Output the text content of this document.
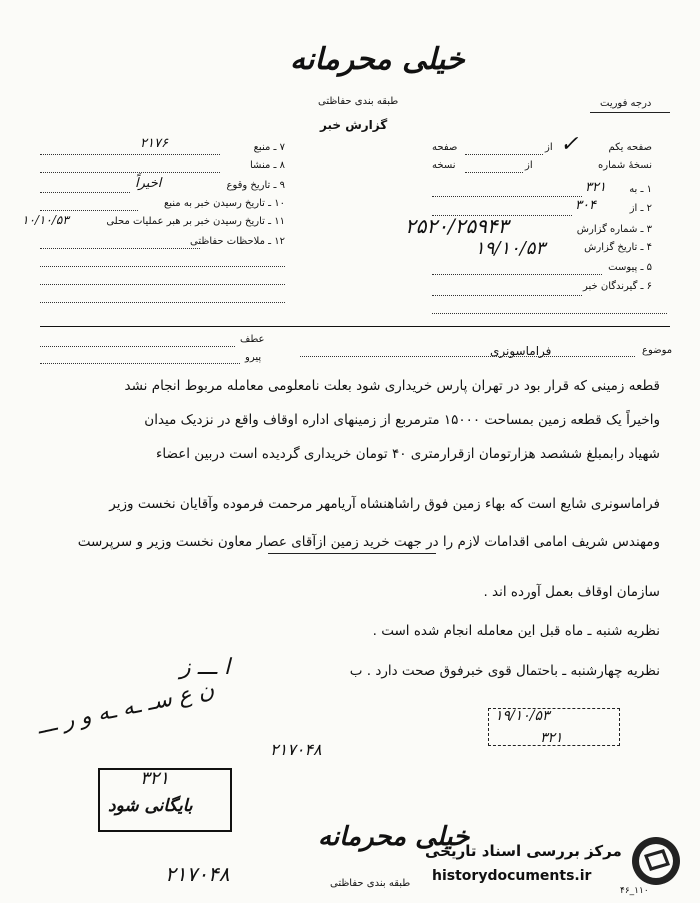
خیلی محرمانه
طبقه بندی حفاظتی
گزارش خبر
درجه فوریت
صفحه یکم
از
صفحه
نسخهٔ شماره
از
نسخه
✓
۱ ـ به
۳۲۱
۲ ـ از
۳۰۴
۳ ـ شماره گزارش
۲۵۲۰/۲۵۹۴۳
۴ ـ تاریخ گزارش
۱۹/۱۰/۵۳
۵ ـ پیوست
۶ ـ گیرندگان خبر
۷ ـ منبع
۲۱۷۶
۸ ـ منشا
۹ ـ تاریخ وقوع
اخیراً
۱۰ ـ تاریخ رسیدن خبر به منبع
۱۱ ـ تاریخ رسیدن خبر بر هبر عملیات محلی
۱۰/۱۰/۵۳
۱۲ ـ ملاحظات حفاظتی
عطف
پیرو
موضوع
فراماسونری
قطعه زمینی که قرار بود در تهران پارس خریداری شود بعلت نامعلومی معامله مربوط انجام نشد
واخیراً یک قطعه زمین بمساحت ۱۵۰۰۰ مترمربع از زمینهای اداره اوقاف واقع در نزدیک میدان
شهیاد رابمبلغ ششصد هزارتومان ازقرارمتری ۴۰ تومان خریداری گردیده است دربین اعضاء
فراماسونری شایع است که بهاء زمین فوق راشاهنشاه آریامهر مرحمت فرموده وآقایان نخست وزیر
ومهندس شریف امامی اقدامات لازم را در جهت خرید زمین ازآقای عصار معاون نخست وزیر و سرپرست
سازمان اوقاف بعمل آورده اند .
نظریه شنبه ـ ماه قبل این معامله انجام شده است .
نظریه چهارشنبه ـ باحتمال قوی خبرفوق صحت دارد . ب
ا ـــ ز
۱۹/۱۰/۵۳
۳۲۱
ن ع سـ ـه ـه و ر ـــ
۲۱۷۰۴۸
۳۲۱
بایگانی شود
۲۱۷۰۴۸
خیلی محرمانه
طبقه بندی حفاظتی
مرکز بررسی اسناد تاریخی
historydocuments.ir
۴۶_۱۱۰
